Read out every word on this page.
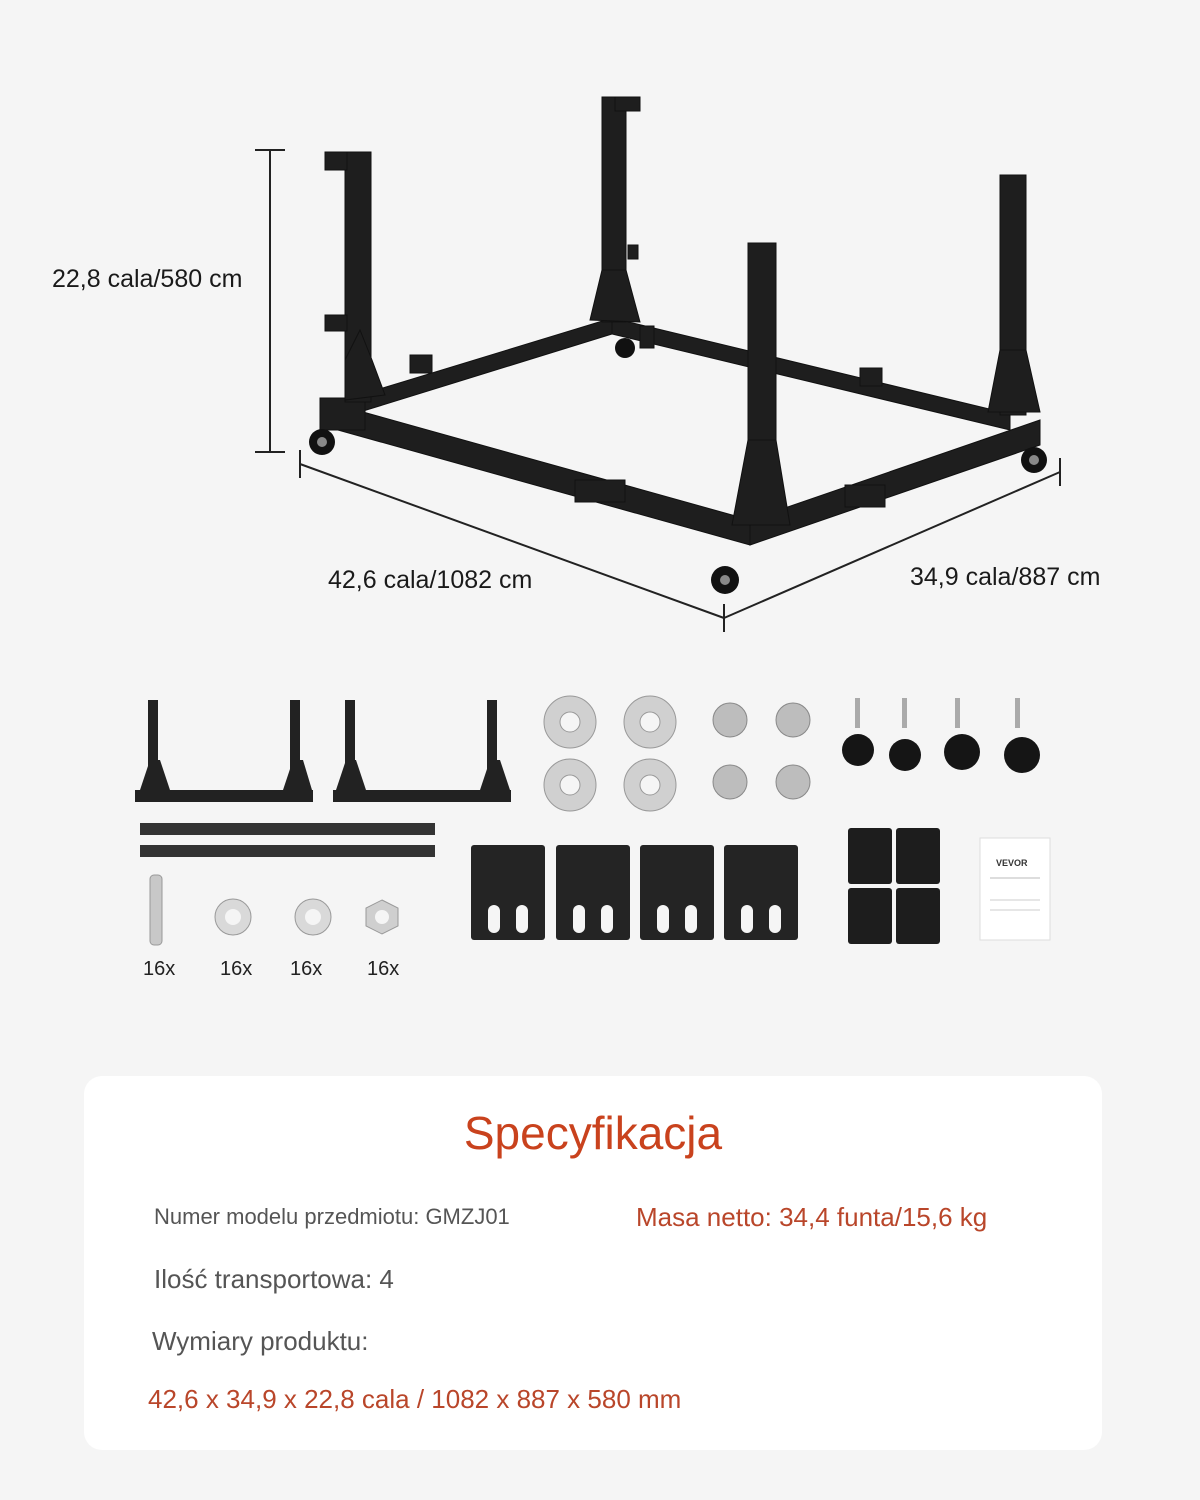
VEVOR
22,8 cala/580 cm
42,6 cala/1082 cm	34,9 cala/887 cm
16x 16x 16x 16x
Specyfikacja
Numer modelu przedmiotu: GMZJ01	Masa netto: 34,4 funta/15,6 kg
Ilość transportowa: 4
Wymiary produktu:
42,6 x 34,9 x 22,8 cala / 1082 x 887 x 580 mm
